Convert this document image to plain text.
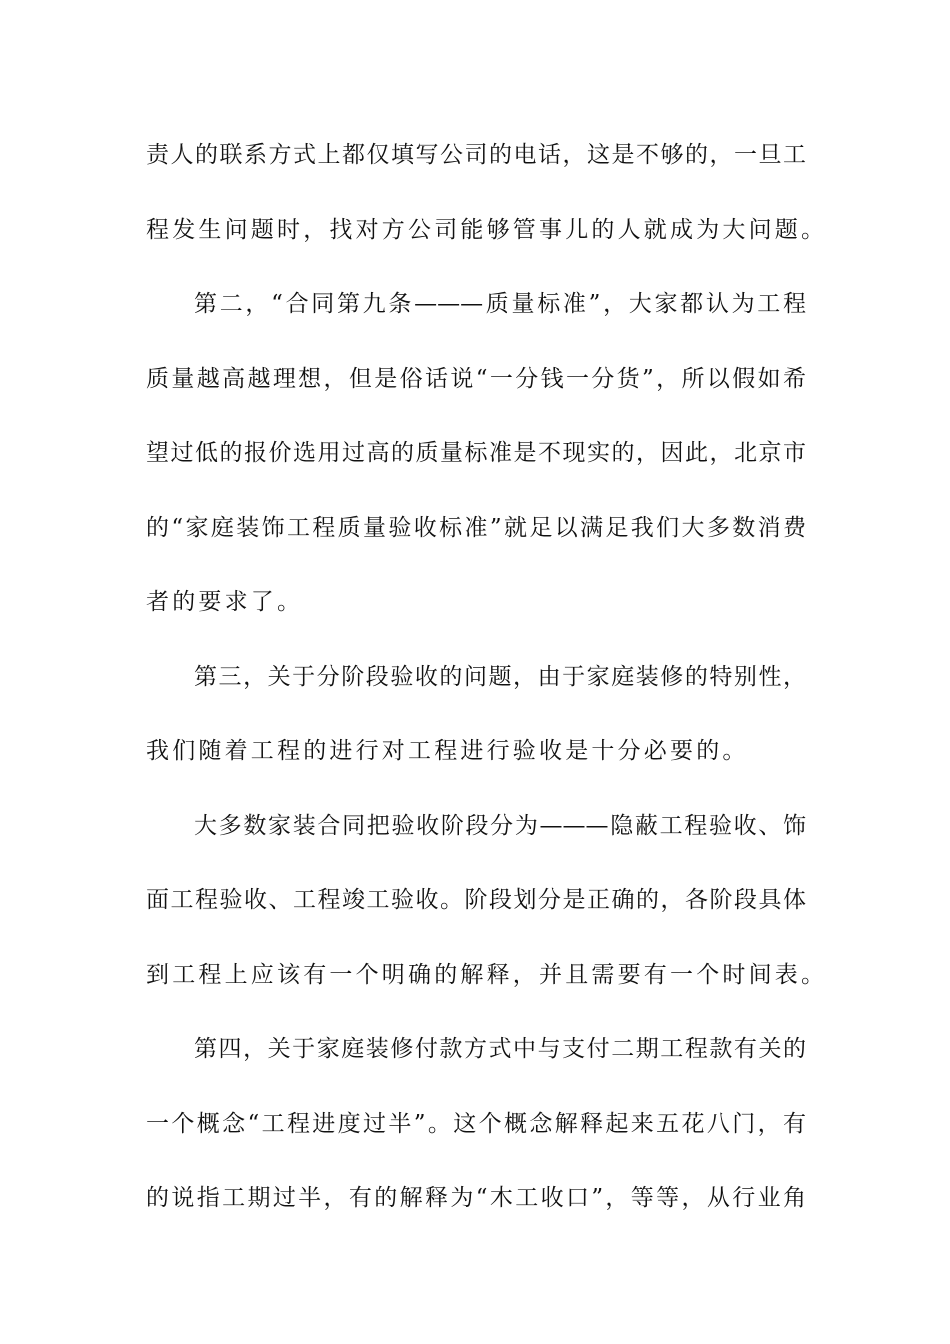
责人的联系方式上都仅填写公司的电话，这是不够的，一旦工
程发生问题时，找对方公司能够管事儿的人就成为大问题。
第二，“合同第九条———质量标准”，大家都认为工程
质量越高越理想，但是俗话说“一分钱一分货”，所以假如希
望过低的报价选用过高的质量标准是不现实的，因此，北京市
的“家庭装饰工程质量验收标准”就足以满足我们大多数消费
者的要求了。
第三，关于分阶段验收的问题，由于家庭装修的特别性，
我们随着工程的进行对工程进行验收是十分必要的。
大多数家装合同把验收阶段分为———隐蔽工程验收、饰
面工程验收、工程竣工验收。阶段划分是正确的，各阶段具体
到工程上应该有一个明确的解释，并且需要有一个时间表。
第四，关于家庭装修付款方式中与支付二期工程款有关的
一个概念“工程进度过半”。这个概念解释起来五花八门，有
的说指工期过半，有的解释为“木工收口”，等等，从行业角
